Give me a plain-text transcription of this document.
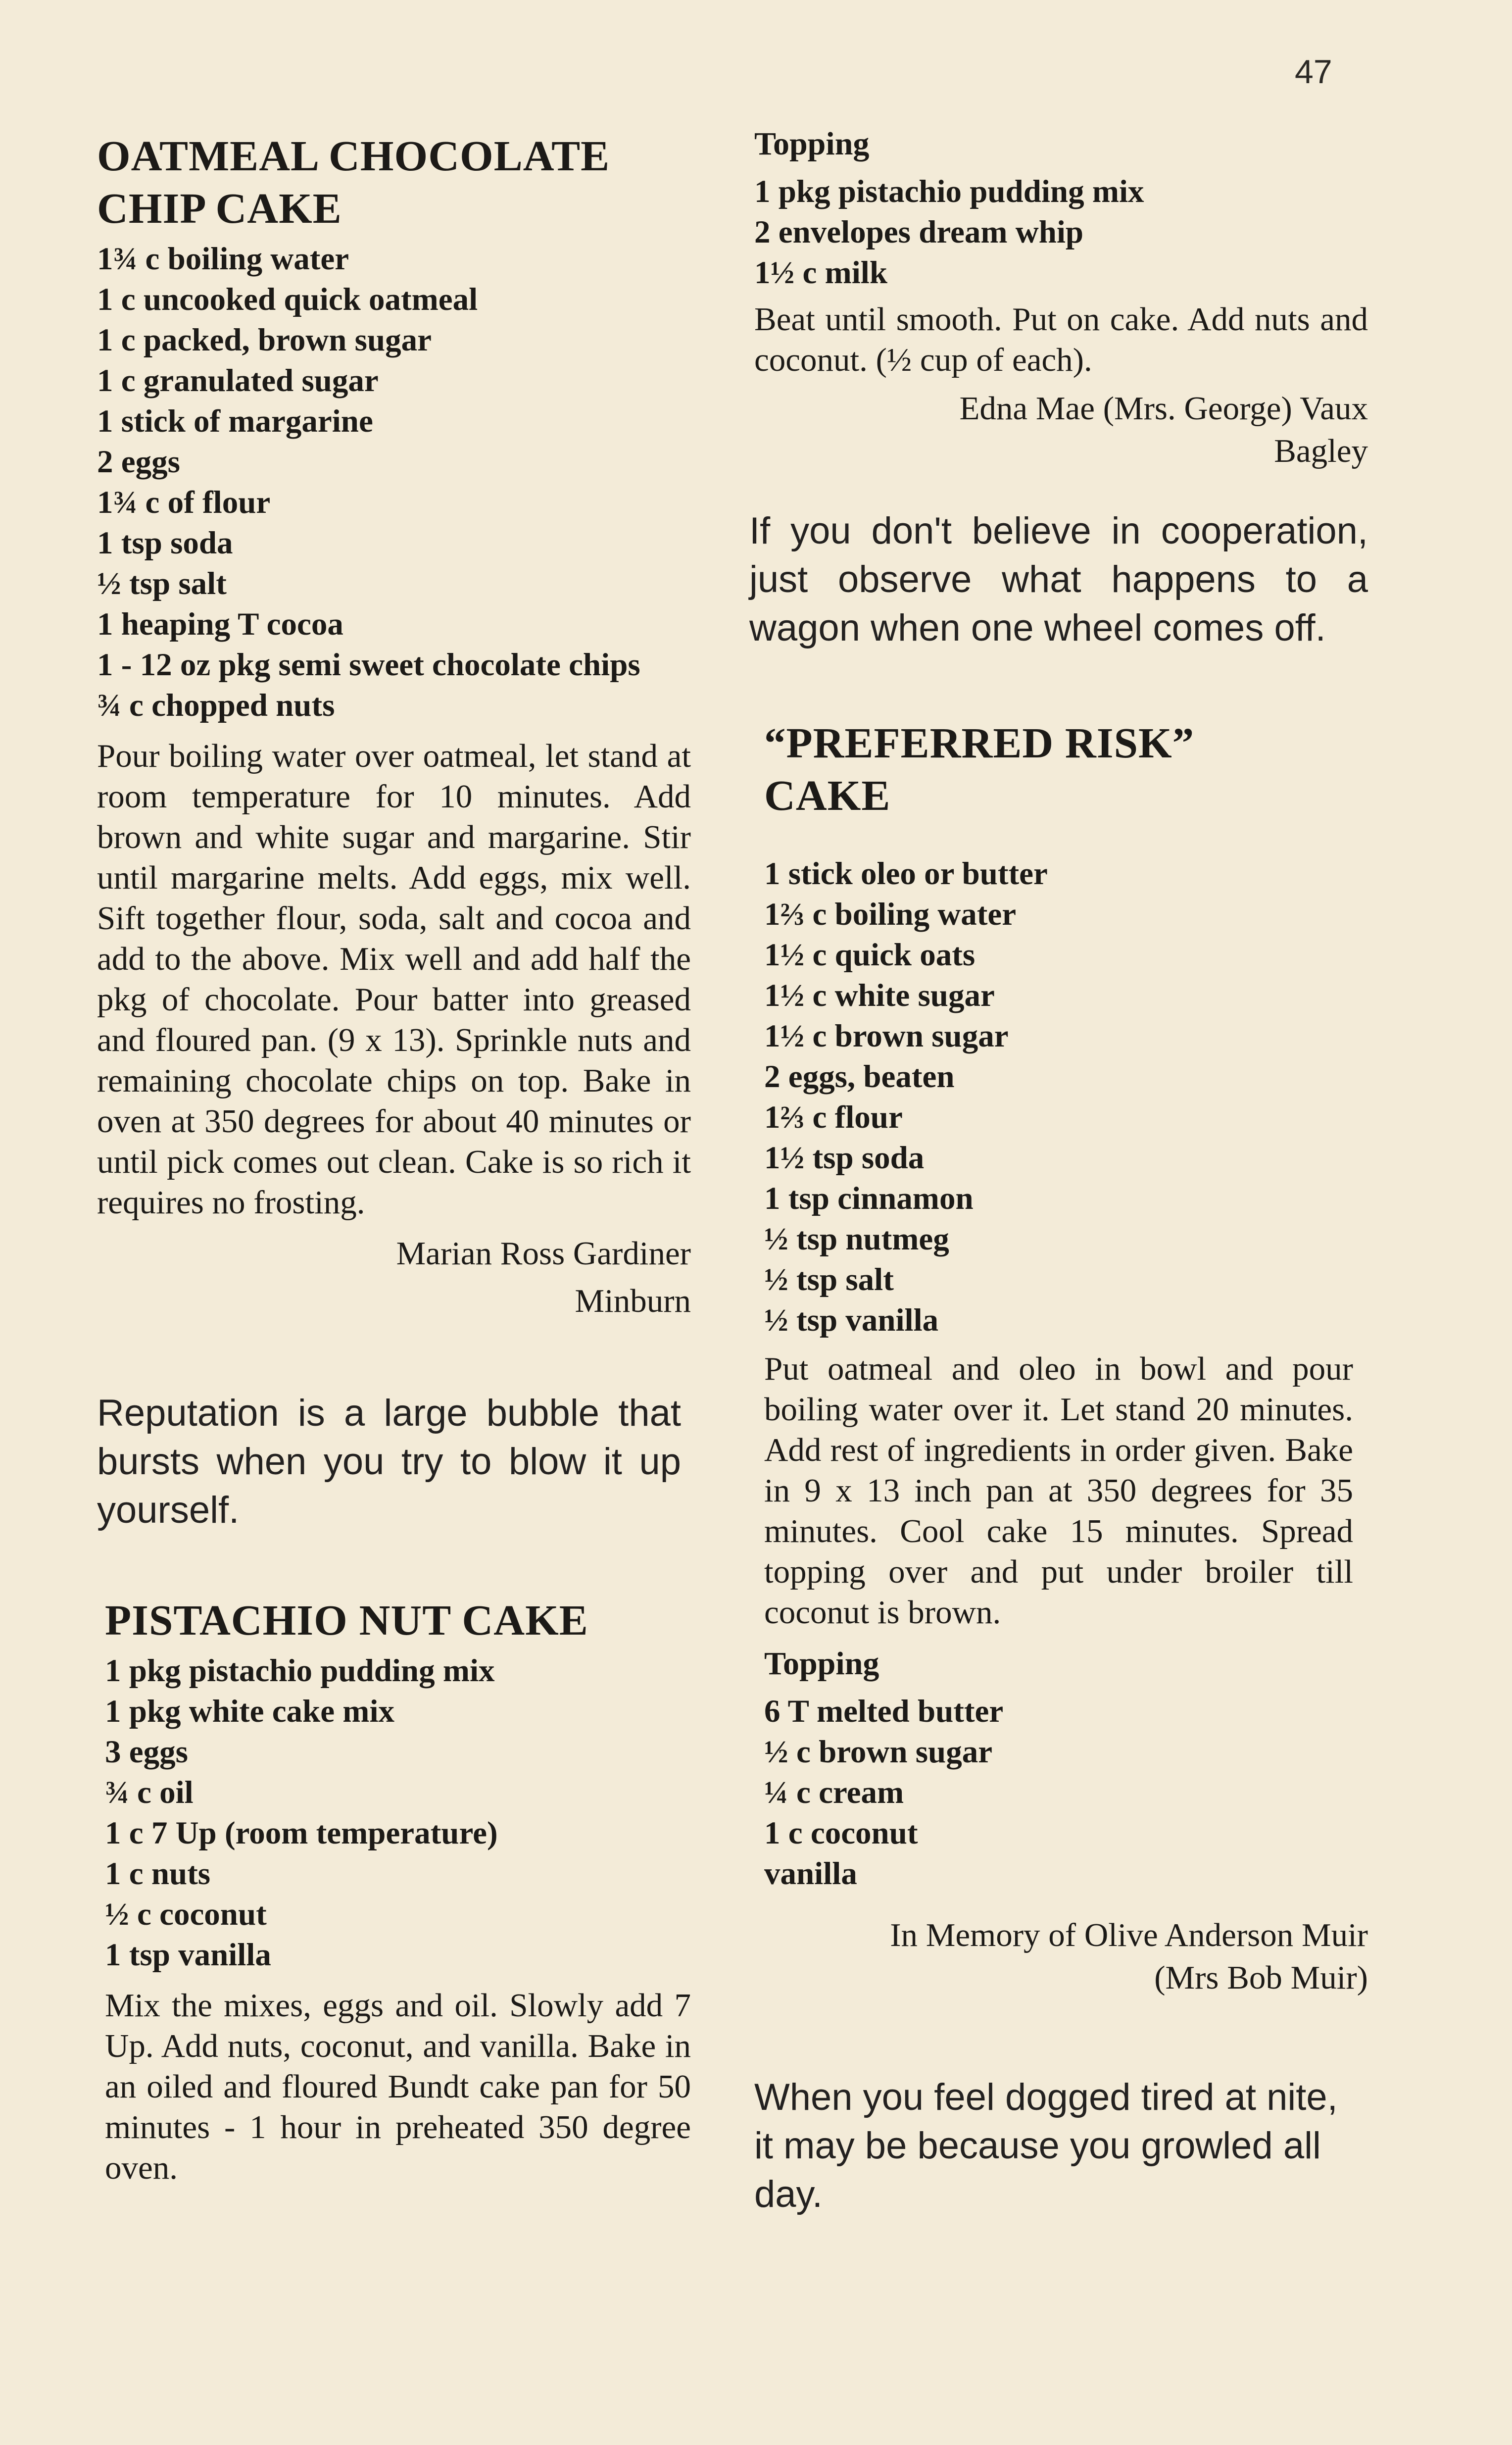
47
OATMEAL CHOCOLATE
CHIP CAKE
1¾ c boiling water
1 c uncooked quick oatmeal
1 c packed, brown sugar
1 c granulated sugar
1 stick of margarine
2 eggs
1¾ c of flour
1 tsp soda
½ tsp salt
1 heaping T cocoa
1 - 12 oz pkg semi sweet chocolate chips
¾ c chopped nuts

Pour boiling water over oatmeal, let stand at room temperature for 10 minutes. Add brown and white sugar and margarine. Stir until margarine melts. Add eggs, mix well. Sift together flour, soda, salt and cocoa and add to the above. Mix well and add half the pkg of chocolate. Pour batter into greased and floured pan. (9 x 13). Sprinkle nuts and remaining chocolate chips on top. Bake in oven at 350 degrees for about 40 minutes or until pick comes out clean. Cake is so rich it requires no frosting.

Marian Ross Gardiner

Minburn

Reputation is a large bubble that bursts when you try to blow it up yourself.

PISTACHIO NUT CAKE
1 pkg pistachio pudding mix
1 pkg white cake mix
3 eggs
¾ c oil
1 c 7 Up (room temperature)
1 c nuts
½ c coconut
1 tsp vanilla

Mix the mixes, eggs and oil. Slowly add 7 Up. Add nuts, coconut, and vanilla. Bake in an oiled and floured Bundt cake pan for 50 minutes - 1 hour in preheated 350 degree oven.

Topping
1 pkg pistachio pudding mix
2 envelopes dream whip
1½ c milk

Beat until smooth. Put on cake. Add nuts and coconut. (½ cup of each).

Edna Mae (Mrs. George) Vaux

Bagley

If you don't believe in cooperation, just observe what happens to a wagon when one wheel comes off.

“PREFERRED RISK”
CAKE
1 stick oleo or butter
1⅔ c boiling water
1½ c quick oats
1½ c white sugar
1½ c brown sugar
2 eggs, beaten
1⅔ c flour
1½ tsp soda
1 tsp cinnamon
½ tsp nutmeg
½ tsp salt
½ tsp vanilla

Put oatmeal and oleo in bowl and pour boiling water over it. Let stand 20 minutes. Add rest of ingredients in order given. Bake in 9 x 13 inch pan at 350 degrees for 35 minutes. Cool cake 15 minutes. Spread topping over and put under broiler till coconut is brown.

Topping
6 T melted butter
½ c brown sugar
¼ c cream
1 c coconut
vanilla

In Memory of Olive Anderson Muir

(Mrs Bob Muir)

When you feel dogged tired at nite, it may be because you growled all day.
